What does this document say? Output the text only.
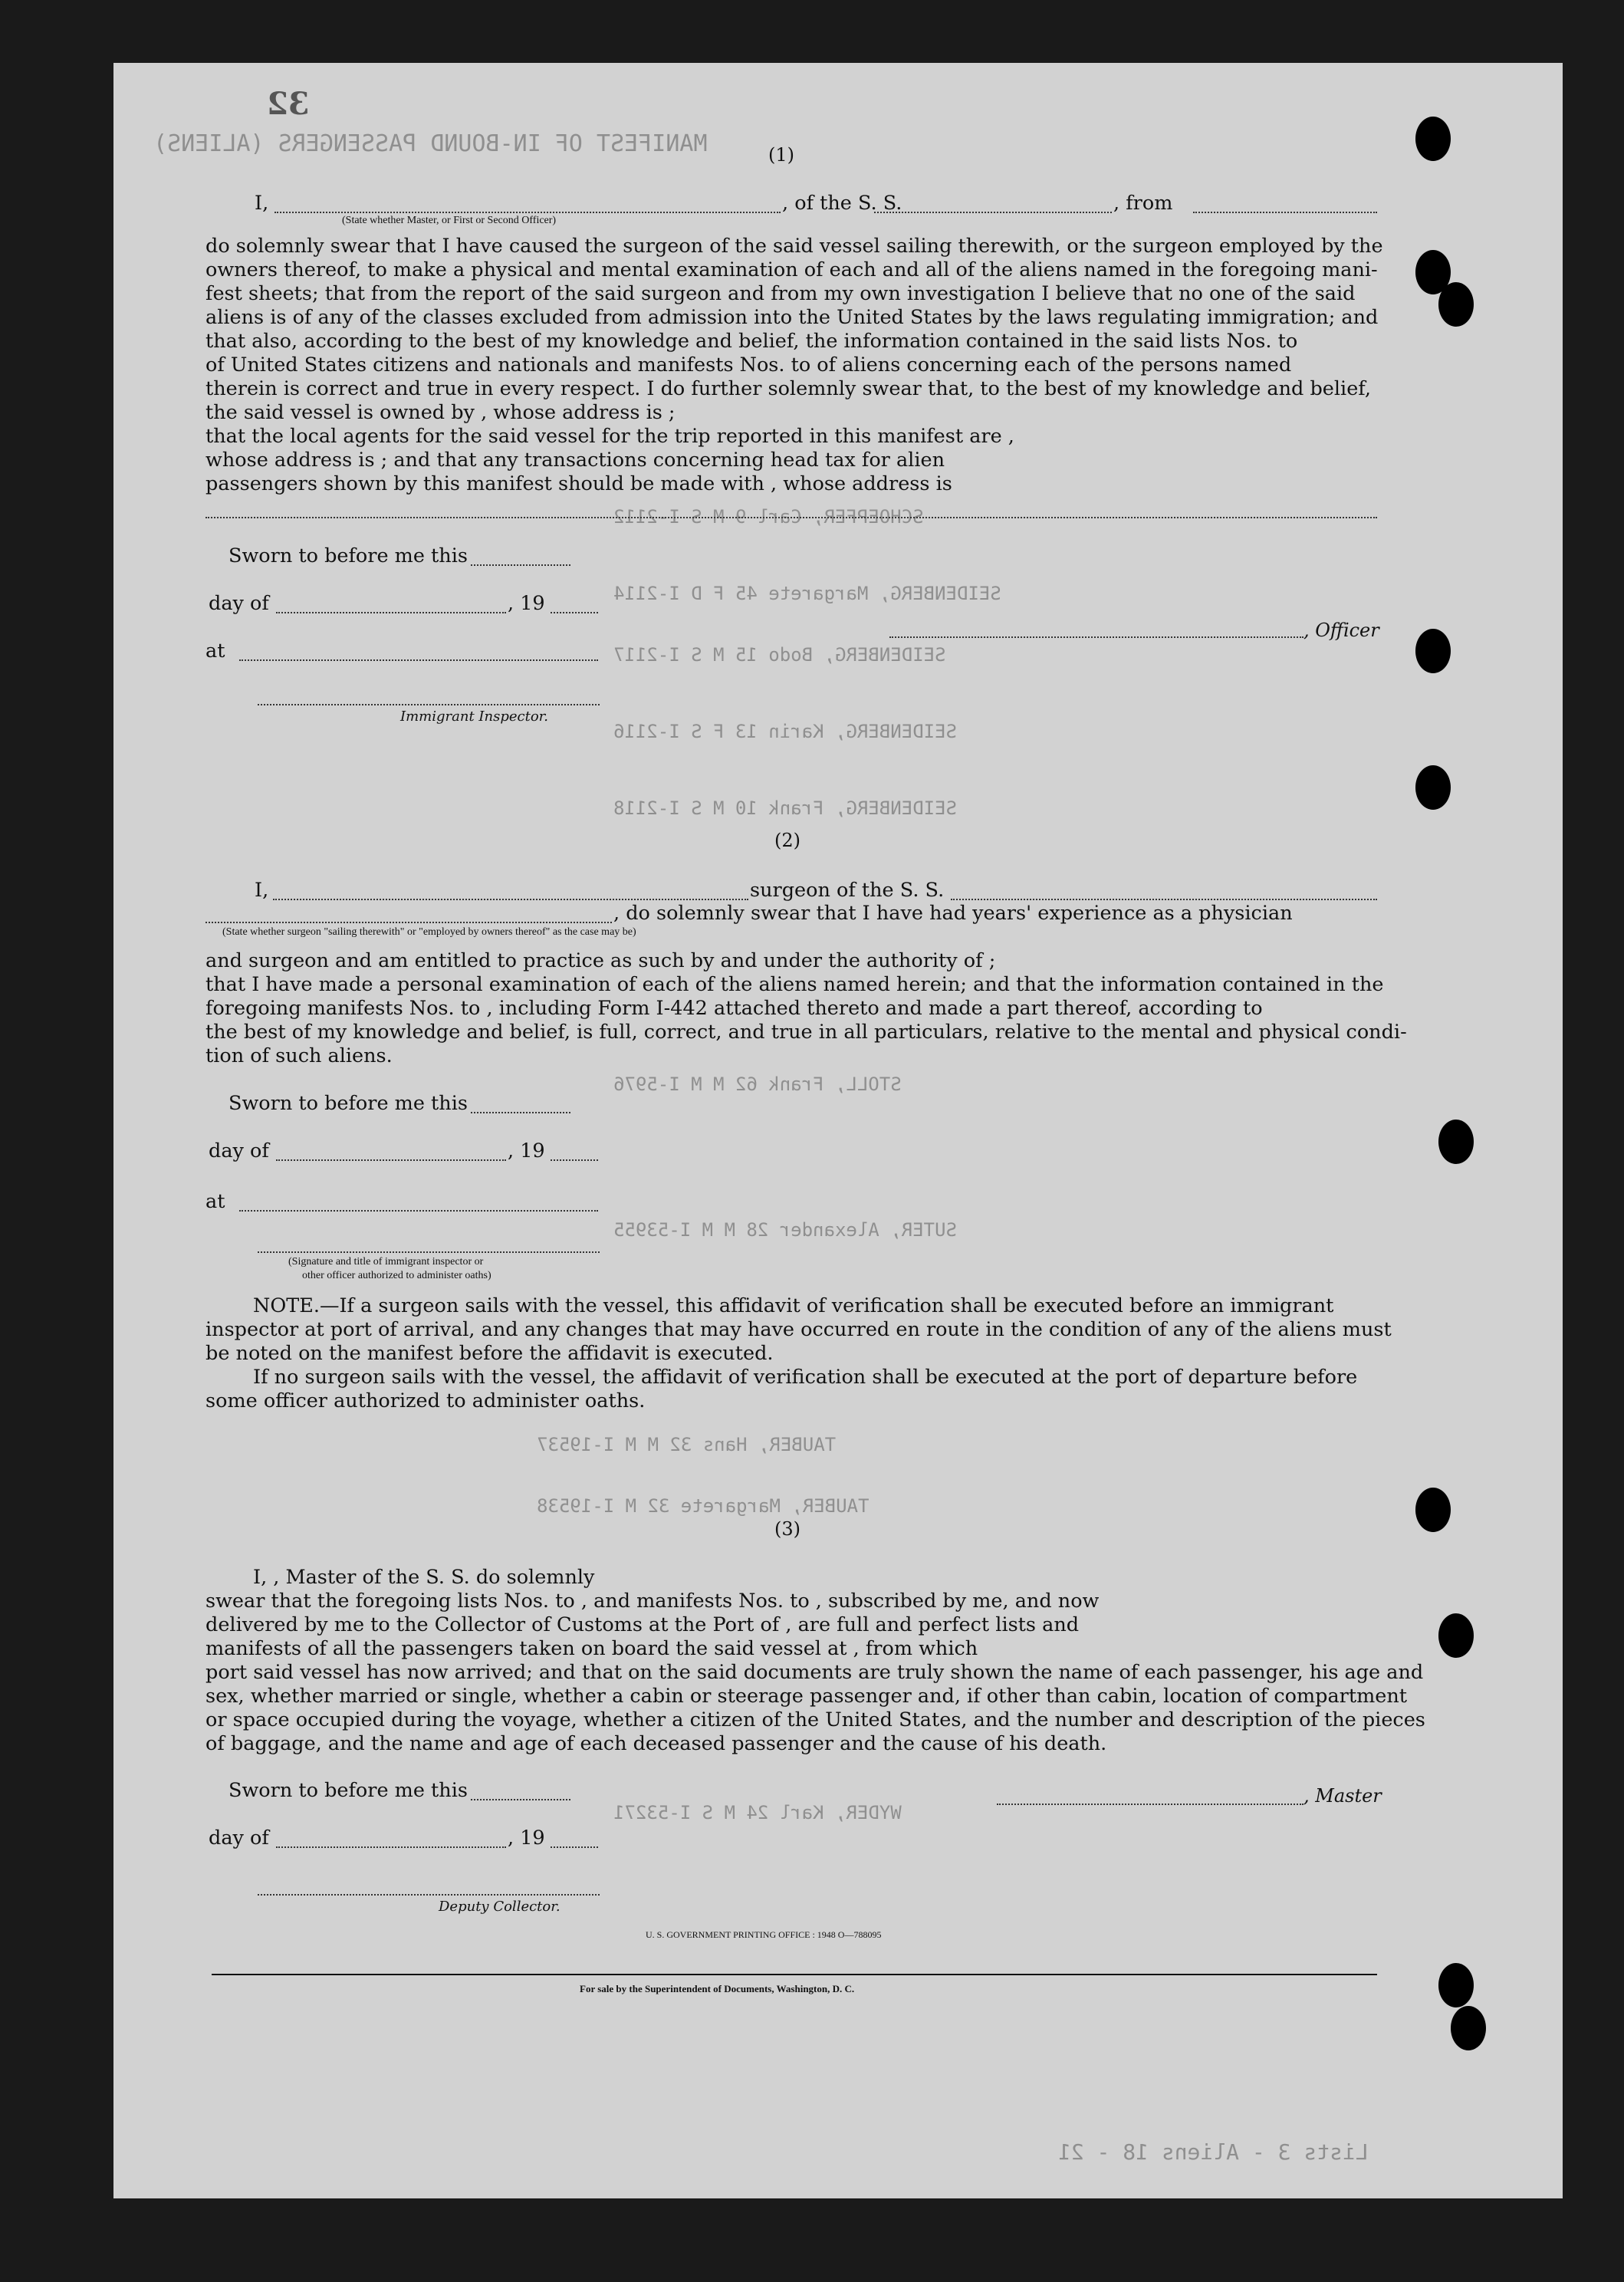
32
MANIFEST OF IN-BOUND PASSENGERS (ALIENS)
SCHOEPFER, Carl 9 M S I-2112
SEIDENBERG, Margarete 45 F D I-2114
SEIDENBERG, Bodo 15 M S I-2117
SEIDENBERG, Karin 13 F S I-2116
SEIDENBERG, Frank 10 M S I-2118
STOLL, Frank 62 M M I-5976
SUTER, Alexander 28 M M I-53955
TAUBER, Hans 32 M M I-19537
TAUBER, Margarete 32 M I-19538
WYDER, Karl 24 M S I-53271
Lists 3 - Aliens 18 - 21
(1)
I,	, of the S. S.	, from
(State whether Master, or First or Second Officer)
do solemnly swear that I have caused the surgeon of the said vessel sailing therewith, or the surgeon employed by the
owners thereof, to make a physical and mental examination of each and all of the aliens named in the foregoing mani-
fest sheets; that from the report of the said surgeon and from my own investigation I believe that no one of the said
aliens is of any of the classes excluded from admission into the United States by the laws regulating immigration; and
that also, according to the best of my knowledge and belief, the information contained in the said lists Nos. to
of United States citizens and nationals and manifests Nos. to of aliens concerning each of the persons named
therein is correct and true in every respect. I do further solemnly swear that, to the best of my knowledge and belief,
the said vessel is owned by , whose address is ;
that the local agents for the said vessel for the trip reported in this manifest are ,
whose address is ; and that any transactions concerning head tax for alien
passengers shown by this manifest should be made with , whose address is
Sworn to before me this
day of	, 19
at
, Officer
Immigrant Inspector.
(2)
I,	surgeon of the S. S.
, do solemnly swear that I have had years' experience as a physician
(State whether surgeon "sailing therewith" or "employed by owners thereof" as the case may be)
and surgeon and am entitled to practice as such by and under the authority of ;
that I have made a personal examination of each of the aliens named herein; and that the information contained in the
foregoing manifests Nos. to , including Form I-442 attached thereto and made a part thereof, according to
the best of my knowledge and belief, is full, correct, and true in all particulars, relative to the mental and physical condi-
tion of such aliens.
Sworn to before me this
day of	, 19
at
(Signature and title of immigrant inspector or
other officer authorized to administer oaths)
NOTE.—If a surgeon sails with the vessel, this affidavit of verification shall be executed before an immigrant
inspector at port of arrival, and any changes that may have occurred en route in the condition of any of the aliens must
be noted on the manifest before the affidavit is executed.
If no surgeon sails with the vessel, the affidavit of verification shall be executed at the port of departure before
some officer authorized to administer oaths.
(3)
I, , Master of the S. S. do solemnly
swear that the foregoing lists Nos. to , and manifests Nos. to , subscribed by me, and now
delivered by me to the Collector of Customs at the Port of , are full and perfect lists and
manifests of all the passengers taken on board the said vessel at , from which
port said vessel has now arrived; and that on the said documents are truly shown the name of each passenger, his age and
sex, whether married or single, whether a cabin or steerage passenger and, if other than cabin, location of compartment
or space occupied during the voyage, whether a citizen of the United States, and the number and description of the pieces
of baggage, and the name and age of each deceased passenger and the cause of his death.
Sworn to before me this	, Master
day of	, 19
Deputy Collector.
U. S. GOVERNMENT PRINTING OFFICE : 1948 O—788095
For sale by the Superintendent of Documents, Washington, D. C.
